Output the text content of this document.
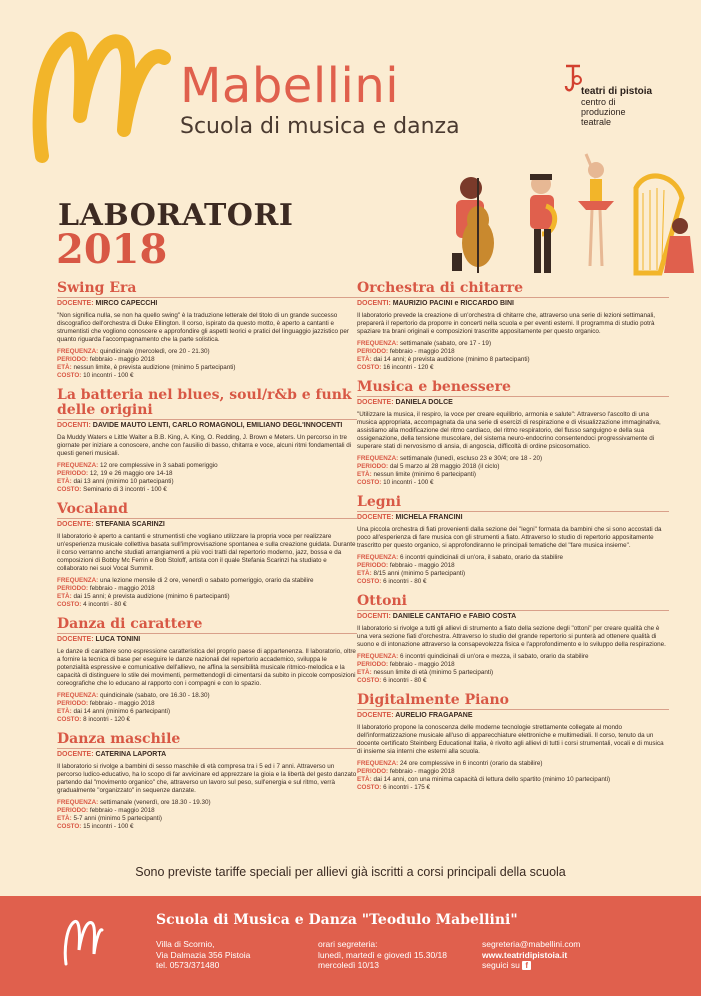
Mabellini
Scuola di musica e danza
teatri di pistoia
centro di
produzione
teatrale
LABORATORI
2018
Swing Era
DOCENTE: MIRCO CAPECCHI
"Non significa nulla, se non ha quello swing" è la traduzione letterale del titolo di un grande successo discografico dell'orchestra di Duke Ellington. Il corso, ispirato da questo motto, è aperto a cantanti e strumentisti che vogliono conoscere e approfondire gli aspetti teorici e pratici del linguaggio jazzistico per quanto riguarda l'accompagnamento che la parte solistica.
FREQUENZA: quindicinale (mercoledì, ore 20 - 21.30)
PERIODO: febbraio - maggio 2018
ETÀ: nessun limite, è prevista audizione (minimo 5 partecipanti)
COSTO: 10 incontri - 100 €
La batteria nel blues, soul/r&b e funk delle origini
DOCENTI: DAVIDE MAUTO LENTI, CARLO ROMAGNOLI, EMILIANO DEGL'INNOCENTI
Da Muddy Waters e Little Walter a B.B. King, A. King, O. Redding, J. Brown e Meters. Un percorso in tre giornate per iniziare a conoscere, anche con l'ausilio di basso, chitarra e voce, alcuni ritmi fondamentali di questi generi musicali.
FREQUENZA: 12 ore complessive in 3 sabati pomeriggio
PERIODO: 12, 19 e 26 maggio ore 14-18
ETÀ: dai 13 anni (minimo 10 partecipanti)
COSTO: Seminario di 3 incontri - 100 €
Vocaland
DOCENTE: STEFANIA SCARINZI
Il laboratorio è aperto a cantanti e strumentisti che vogliano utilizzare la propria voce per realizzare un'esperienza musicale collettiva basata sull'improvvisazione spontanea e sulla creazione guidata. Durante il corso verranno anche studiati arrangiamenti a più voci tratti dal repertorio moderno, jazz, bossa e da composizioni di Bobby Mc Ferrin e Bob Stoloff, artista con il quale Stefania Scarinzi ha studiato e collaborato nei suoi Vocal Summit.
FREQUENZA: una lezione mensile di 2 ore, venerdì o sabato pomeriggio, orario da stabilire
PERIODO: febbraio - maggio 2018
ETÀ: dai 15 anni; è prevista audizione (minimo 6 partecipanti)
COSTO: 4 incontri - 80 €
Danza di carattere
DOCENTE: LUCA TONINI
Le danze di carattere sono espressione caratteristica del proprio paese di appartenenza. Il laboratorio, oltre a fornire la tecnica di base per eseguire le danze nazionali del repertorio accademico, sviluppa le potenzialità espressive e comunicative dell'allievo, ne affina la sensibilità musicale ritmico-melodica e la capacità di distinguere lo stile dei movimenti, permettendogli di cimentarsi da subito in piccole composizioni coreografiche che lo educano al rapporto con i compagni e con lo spazio.
FREQUENZA: quindicinale (sabato, ore 16.30 - 18.30)
PERIODO: febbraio - maggio 2018
ETÀ: dai 14 anni (minimo 6 partecipanti)
COSTO: 8 incontri - 120 €
Danza maschile
DOCENTE: CATERINA LAPORTA
Il laboratorio si rivolge a bambini di sesso maschile di età compresa tra i 5 ed i 7 anni. Attraverso un percorso ludico-educativo, ha lo scopo di far avvicinare ed apprezzare la gioia e la libertà del gesto danzato partendo dal "movimento organico" che, attraverso un lavoro sul peso, sull'energia e sul ritmo, verrà gradualmente "organizzato" in sequenze danzate.
FREQUENZA: settimanale (venerdì, ore 18.30 - 19.30)
PERIODO: febbraio - maggio 2018
ETÀ: 5-7 anni (minimo 5 partecipanti)
COSTO: 15 incontri - 100 €
Orchestra di chitarre
DOCENTI: MAURIZIO PACINI e RICCARDO BINI
Il laboratorio prevede la creazione di un'orchestra di chitarre che, attraverso una serie di lezioni settimanali, preparerà il repertorio da proporre in concerti nella scuola e per eventi esterni. Il programma di studio potrà spaziare tra brani originali e composizioni trascritte appositamente per questo organico.
FREQUENZA: settimanale (sabato, ore 17 - 19)
PERIODO: febbraio - maggio 2018
ETÀ: dai 14 anni; è prevista audizione (minimo 8 partecipanti)
COSTO: 16 incontri - 120 €
Musica e benessere
DOCENTE: DANIELA DOLCE
"Utilizzare la musica, il respiro, la voce per creare equilibrio, armonia e salute": Attraverso l'ascolto di una musica appropriata, accompagnata da una serie di esercizi di respirazione e di visualizzazione immaginativa, assistiamo alla modificazione del ritmo cardiaco, del ritmo respiratorio, del flusso sanguigno e della sua ossigenazione, della tensione muscolare, del sistema neuro-endocrino consentendoci progressivamente di superare stati di nervosismo di ansia, di angoscia, difficoltà di ordine psicosomatico.
FREQUENZA: settimanale (lunedì, escluso 23 e 30/4; ore 18 - 20)
PERIODO: dal 5 marzo al 28 maggio 2018 (il ciclo)
ETÀ: nessun limite (minimo 6 partecipanti)
COSTO: 10 incontri - 100 €
Legni
DOCENTE: MICHELA FRANCINI
Una piccola orchestra di fiati provenienti dalla sezione dei "legni" formata da bambini che si sono accostati da poco all'esperienza di fare musica con gli strumenti a fiato. Attraverso lo studio di repertorio appositamente trascritto per questo organico, si approfondiranno le principali tematiche del "fare musica insieme".
FREQUENZA: 6 incontri quindicinali di un'ora, il sabato, orario da stabilire
PERIODO: febbraio - maggio 2018
ETÀ: 8/15 anni (minimo 5 partecipanti)
COSTO: 6 incontri - 80 €
Ottoni
DOCENTI: DANIELE CANTAFIO e FABIO COSTA
Il laboratorio si rivolge a tutti gli allievi di strumento a fiato della sezione degli "ottoni" per creare qualità che è una vera sezione fiati d'orchestra. Attraverso lo studio del grande repertorio si punterà ad ottenere qualità di suono e di intonazione attraverso la consapevolezza fisica e l'approfondimento e lo sviluppo della respirazione.
FREQUENZA: 6 incontri quindicinali di un'ora e mezza, il sabato, orario da stabilire
PERIODO: febbraio - maggio 2018
ETÀ: nessun limite di età (minimo 5 partecipanti)
COSTO: 6 incontri - 80 €
Digitalmente Piano
DOCENTE: AURELIO FRAGAPANE
Il laboratorio propone la conoscenza delle moderne tecnologie strettamente collegate al mondo dell'informatizzazione musicale all'uso di apparecchiature elettroniche e multimediali. Il corso, tenuto da un docente certificato Steinberg Educational Italia, è rivolto agli allievi di tutti i corsi strumentali, vocali e di musica di insieme sia interni che esterni alla scuola.
FREQUENZA: 24 ore complessive in 6 incontri (orario da stabilire)
PERIODO: febbraio - maggio 2018
ETÀ: dai 14 anni, con una minima capacità di lettura dello spartito (minimo 10 partecipanti)
COSTO: 6 incontri - 175 €
Sono previste tariffe speciali per allievi già iscritti a corsi principali della scuola
Scuola di Musica e Danza "Teodulo Mabellini"
Villa di Scornio,
Via Dalmazia 356 Pistoia
tel. 0573/371480
orari segreteria:
lunedì, martedì e giovedì 15.30/18
mercoledì 10/13
segreteria@mabellini.com
www.teatridipistoia.it
seguici su f
